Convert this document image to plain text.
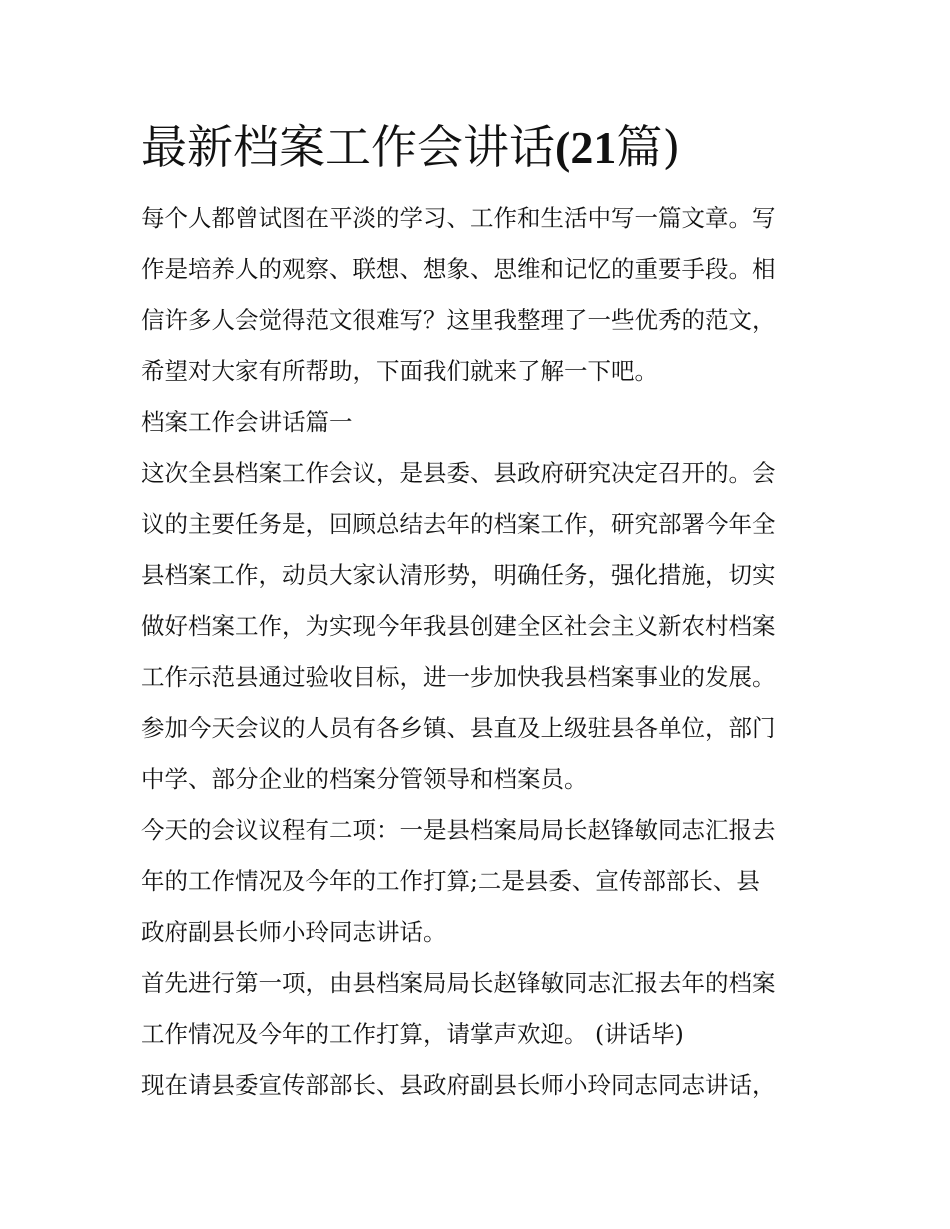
最新档案工作会讲话(21篇)

每个人都曾试图在平淡的学习、工作和生活中写一篇文章。写
作是培养人的观察、联想、想象、思维和记忆的重要手段。相
信许多人会觉得范文很难写？这里我整理了一些优秀的范文，
希望对大家有所帮助，下面我们就来了解一下吧。

档案工作会讲话篇一

这次全县档案工作会议，是县委、县政府研究决定召开的。会
议的主要任务是，回顾总结去年的档案工作，研究部署今年全
县档案工作，动员大家认清形势，明确任务，强化措施，切实
做好档案工作，为实现今年我县创建全区社会主义新农村档案
工作示范县通过验收目标，进一步加快我县档案事业的发展。

参加今天会议的人员有各乡镇、县直及上级驻县各单位，部门
中学、部分企业的档案分管领导和档案员。

今天的会议议程有二项：一是县档案局局长赵锋敏同志汇报去
年的工作情况及今年的工作打算;二是县委、宣传部部长、县
政府副县长师小玲同志讲话。

首先进行第一项，由县档案局局长赵锋敏同志汇报去年的档案
工作情况及今年的工作打算，请掌声欢迎。 (讲话毕)

现在请县委宣传部部长、县政府副县长师小玲同志同志讲话，
